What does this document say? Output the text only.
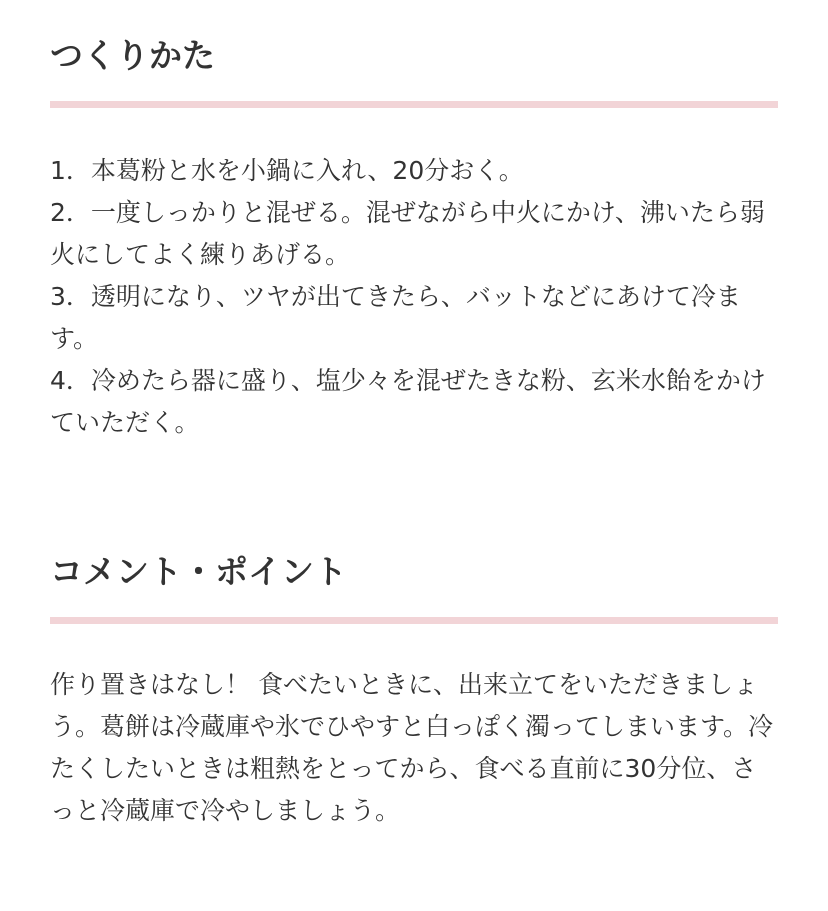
つくりかた
1．本葛粉と水を小鍋に入れ、20分おく。
2．一度しっかりと混ぜる。混ぜながら中火にかけ、沸いたら弱火にしてよく練りあげる。
3．透明になり、ツヤが出てきたら、バットなどにあけて冷ます。
4．冷めたら器に盛り、塩少々を混ぜたきな粉、玄米水飴をかけていただく。
コメント・ポイント

作り置きはなし！ 食べたいときに、出来立てをいただきましょう。葛餅は冷蔵庫や氷でひやすと白っぽく濁ってしまいます。冷たくしたいときは粗熱をとってから、食べる直前に30分位、さっと冷蔵庫で冷やしましょう。
